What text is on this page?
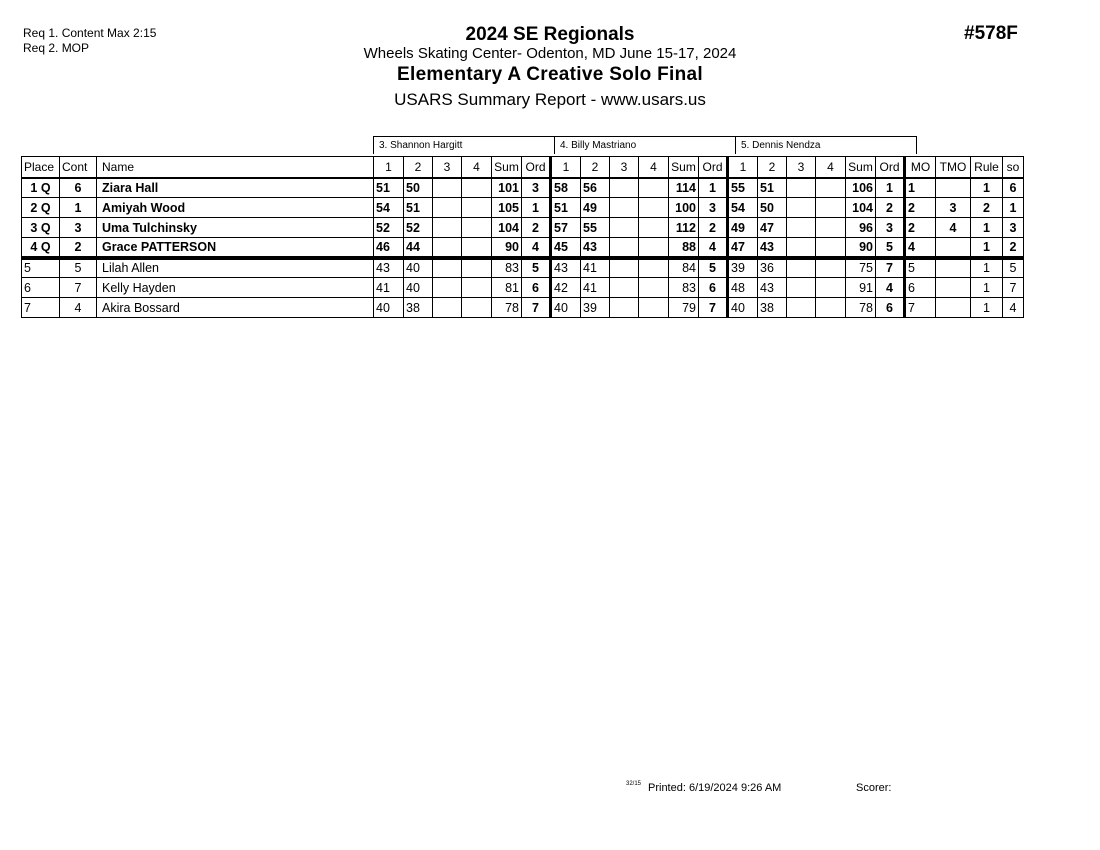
Req 1. Content Max 2:15
Req 2. MOP
#578F
2024 SE Regionals
Wheels Skating Center- Odenton, MD June 15-17, 2024
Elementary A Creative Solo Final
USARS Summary Report - www.usars.us
3. Shannon Hargitt	4. Billy Mastriano	5. Dennis Nendza
Place	Cont	Name	1	2	3	4	Sum	Ord	1	2	3	4	Sum	Ord	1	2	3	4	Sum	Ord	MO	TMO	Rule	so
1 Q	6	Ziara Hall	51	50			101	3	58	56			114	1	55	51			106	1	1		1	6
2 Q	1	Amiyah Wood	54	51			105	1	51	49			100	3	54	50			104	2	2	3	2	1
3 Q	3	Uma Tulchinsky	52	52			104	2	57	55			112	2	49	47			96	3	2	4	1	3
4 Q	2	Grace PATTERSON	46	44			90	4	45	43			88	4	47	43			90	5	4		1	2
5	5	Lilah Allen	43	40			83	5	43	41			84	5	39	36			75	7	5		1	5
6	7	Kelly Hayden	41	40			81	6	42	41			83	6	48	43			91	4	6		1	7
7	4	Akira Bossard	40	38			78	7	40	39			79	7	40	38			78	6	7		1	4
32/15 Printed: 6/19/2024 9:26 AM	Scorer:
